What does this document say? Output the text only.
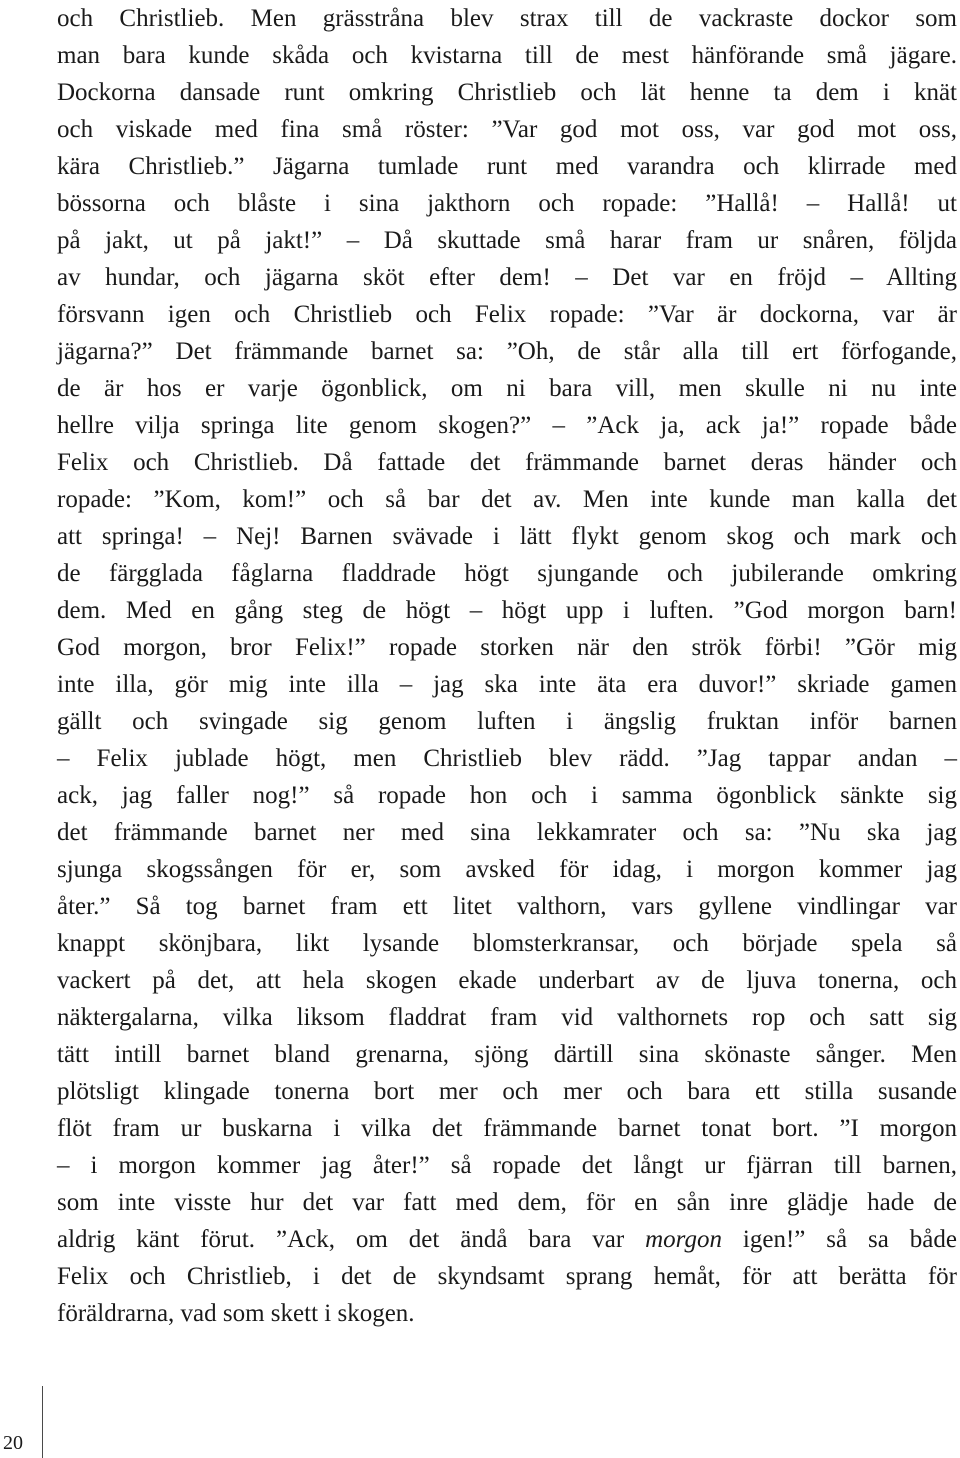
och Christlieb. Men grässtråna blev strax till de vackraste dockor som
man bara kunde skåda och kvistarna till de mest hänförande små jägare.
Dockorna dansade runt omkring Christlieb och lät henne ta dem i knät
och viskade med fina små röster: ”Var god mot oss, var god mot oss,
kära Christlieb.” Jägarna tumlade runt med varandra och klirrade med
bössorna och blåste i sina jakthorn och ropade: ”Hallå! – Hallå! ut
på jakt, ut på jakt!” – Då skuttade små harar fram ur snåren, följda
av hundar, och jägarna sköt efter dem! – Det var en fröjd – Allting
försvann igen och Christlieb och Felix ropade: ”Var är dockorna, var är
jägarna?” Det främmande barnet sa: ”Oh, de står alla till ert förfogande,
de är hos er varje ögonblick, om ni bara vill, men skulle ni nu inte
hellre vilja springa lite genom skogen?” – ”Ack ja, ack ja!” ropade både
Felix och Christlieb. Då fattade det främmande barnet deras händer och
ropade: ”Kom, kom!” och så bar det av. Men inte kunde man kalla det
att springa! – Nej! Barnen svävade i lätt flykt genom skog och mark och
de färgglada fåglarna fladdrade högt sjungande och jubilerande omkring
dem. Med en gång steg de högt – högt upp i luften. ”God morgon barn!
God morgon, bror Felix!” ropade storken när den strök förbi! ”Gör mig
inte illa, gör mig inte illa – jag ska inte äta era duvor!” skriade gamen
gällt och svingade sig genom luften i ängslig fruktan inför barnen
– Felix jublade högt, men Christlieb blev rädd. ”Jag tappar andan –
ack, jag faller nog!” så ropade hon och i samma ögonblick sänkte sig
det främmande barnet ner med sina lekkamrater och sa: ”Nu ska jag
sjunga skogssången för er, som avsked för idag, i morgon kommer jag
åter.” Så tog barnet fram ett litet valthorn, vars gyllene vindlingar var
knappt skönjbara, likt lysande blomsterkransar, och började spela så
vackert på det, att hela skogen ekade underbart av de ljuva tonerna, och
näktergalarna, vilka liksom fladdrat fram vid valthornets rop och satt sig
tätt intill barnet bland grenarna, sjöng därtill sina skönaste sånger. Men
plötsligt klingade tonerna bort mer och mer och bara ett stilla susande
flöt fram ur buskarna i vilka det främmande barnet tonat bort. ”I morgon
– i morgon kommer jag åter!” så ropade det långt ur fjärran till barnen,
som inte visste hur det var fatt med dem, för en sån inre glädje hade de
aldrig känt förut. ”Ack, om det ändå bara var morgon igen!” så sa både
Felix och Christlieb, i det de skyndsamt sprang hemåt, för att berätta för
föräldrarna, vad som skett i skogen.
20
